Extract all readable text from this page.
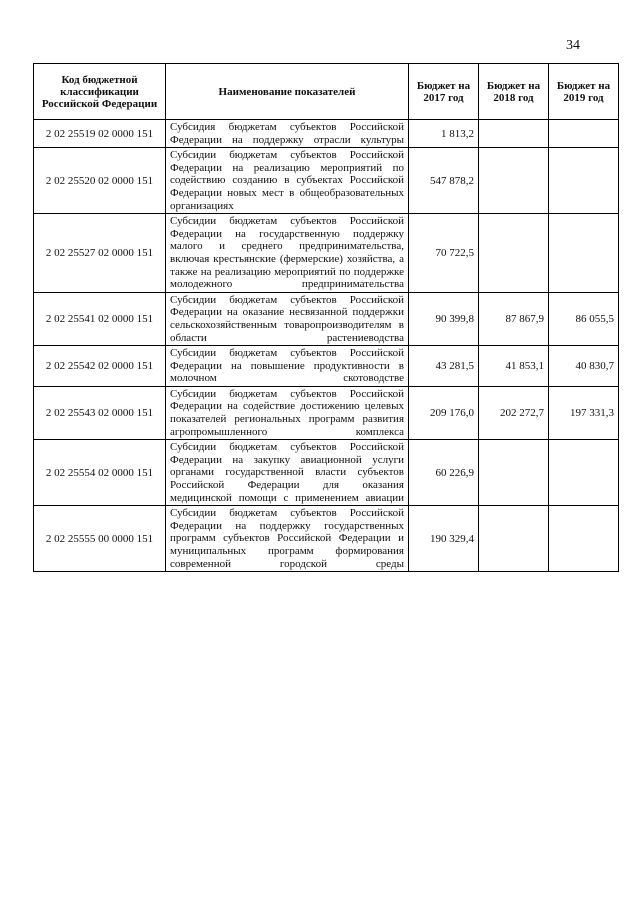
34
Код бюджетной классификации Российской Федерации	Наименование показателей	Бюджет на 2017 год	Бюджет на 2018 год	Бюджет на 2019 год
2 02 25519 02 0000 151	Субсидия бюджетам субъектов Российской Федерации на поддержку отрасли культуры	1 813,2		
2 02 25520 02 0000 151	Субсидии бюджетам субъектов Российской Федерации на реализацию мероприятий по содействию созданию в субъектах Российской Федерации новых мест в общеобразовательных организациях	547 878,2		
2 02 25527 02 0000 151	Субсидии бюджетам субъектов Российской Федерации на государственную поддержку малого и среднего предпринимательства, включая крестьянские (фермерские) хозяйства, а также на реализацию мероприятий по поддержке молодежного предпринимательства	70 722,5		
2 02 25541 02 0000 151	Субсидии бюджетам субъектов Российской Федерации на оказание несвязанной поддержки сельскохозяйственным товаропроизводителям в области растениеводства	90 399,8	87 867,9	86 055,5
2 02 25542 02 0000 151	Субсидии бюджетам субъектов Российской Федерации на повышение продуктивности в молочном скотоводстве	43 281,5	41 853,1	40 830,7
2 02 25543 02 0000 151	Субсидии бюджетам субъектов Российской Федерации на содействие достижению целевых показателей региональных программ развития агропромышленного комплекса	209 176,0	202 272,7	197 331,3
2 02 25554 02 0000 151	Субсидии бюджетам субъектов Российской Федерации на закупку авиационной услуги органами государственной власти субъектов Российской Федерации для оказания медицинской помощи с применением авиации	60 226,9		
2 02 25555 00 0000 151	Субсидии бюджетам субъектов Российской Федерации на поддержку государственных программ субъектов Российской Федерации и муниципальных программ формирования современной городской среды	190 329,4		
